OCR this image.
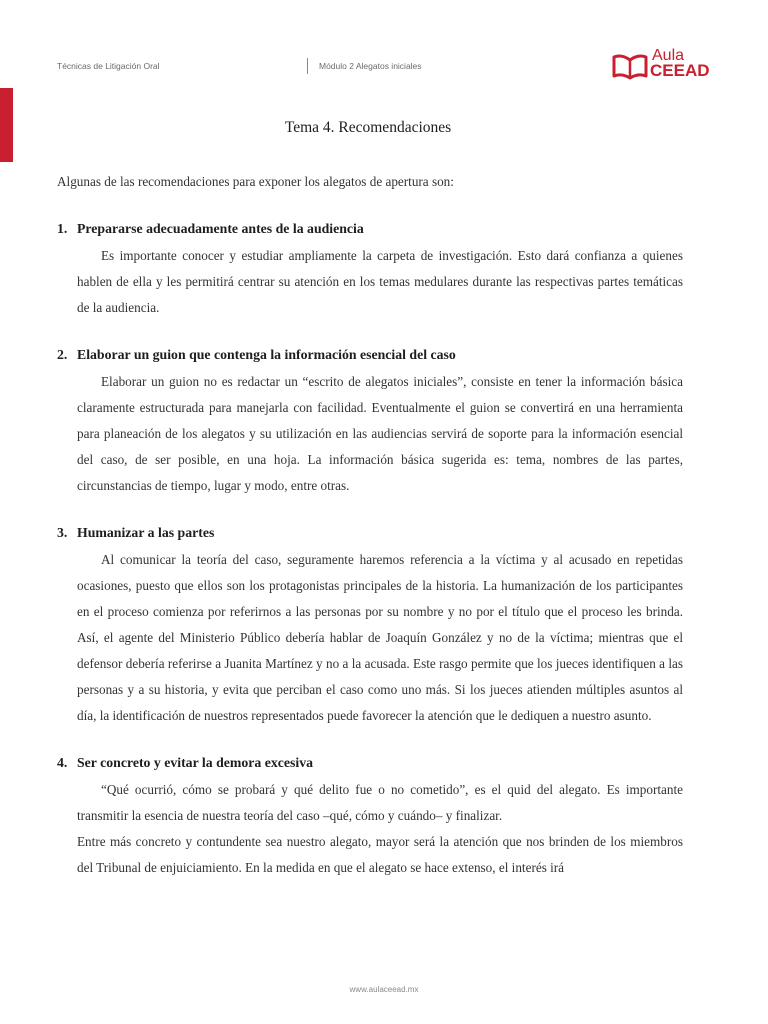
Técnicas de Litigación Oral	Módulo 2 Alegatos iniciales
Aula
CEEAD
Tema 4. Recomendaciones

Algunas de las recomendaciones para exponer los alegatos de apertura son:

1. Prepararse adecuadamente antes de la audiencia

Es importante conocer y estudiar ampliamente la carpeta de investigación. Esto dará confianza a quienes hablen de ella y les permitirá centrar su atención en los temas medulares durante las respectivas partes temáticas de la audiencia.

2. Elaborar un guion que contenga la información esencial del caso

Elaborar un guion no es redactar un “escrito de alegatos iniciales”, consiste en tener la información básica claramente estructurada para manejarla con facilidad. Eventualmente el guion se convertirá en una herramienta para planeación de los alegatos y su utilización en las audiencias servirá de soporte para la información esencial del caso, de ser posible, en una hoja. La información básica sugerida es: tema, nombres de las partes, circunstancias de tiempo, lugar y modo, entre otras.

3. Humanizar a las partes

Al comunicar la teoría del caso, seguramente haremos referencia a la víctima y al acusado en repetidas ocasiones, puesto que ellos son los protagonistas principales de la historia. La humanización de los participantes en el proceso comienza por referirnos a las personas por su nombre y no por el título que el proceso les brinda. Así, el agente del Ministerio Público debería hablar de Joaquín González y no de la víctima; mientras que el defensor debería referirse a Juanita Martínez y no a la acusada. Este rasgo permite que los jueces identifiquen a las personas y a su historia, y evita que perciban el caso como uno más. Si los jueces atienden múltiples asuntos al día, la identificación de nuestros representados puede favorecer la atención que le dediquen a nuestro asunto.

4. Ser concreto y evitar la demora excesiva

“Qué ocurrió, cómo se probará y qué delito fue o no cometido”, es el quid del alegato. Es importante transmitir la esencia de nuestra teoría del caso –qué, cómo y cuándo– y finalizar.

Entre más concreto y contundente sea nuestro alegato, mayor será la atención que nos brinden de los miembros del Tribunal de enjuiciamiento. En la medida en que el alegato se hace extenso, el interés irá

www.aulaceead.mx
